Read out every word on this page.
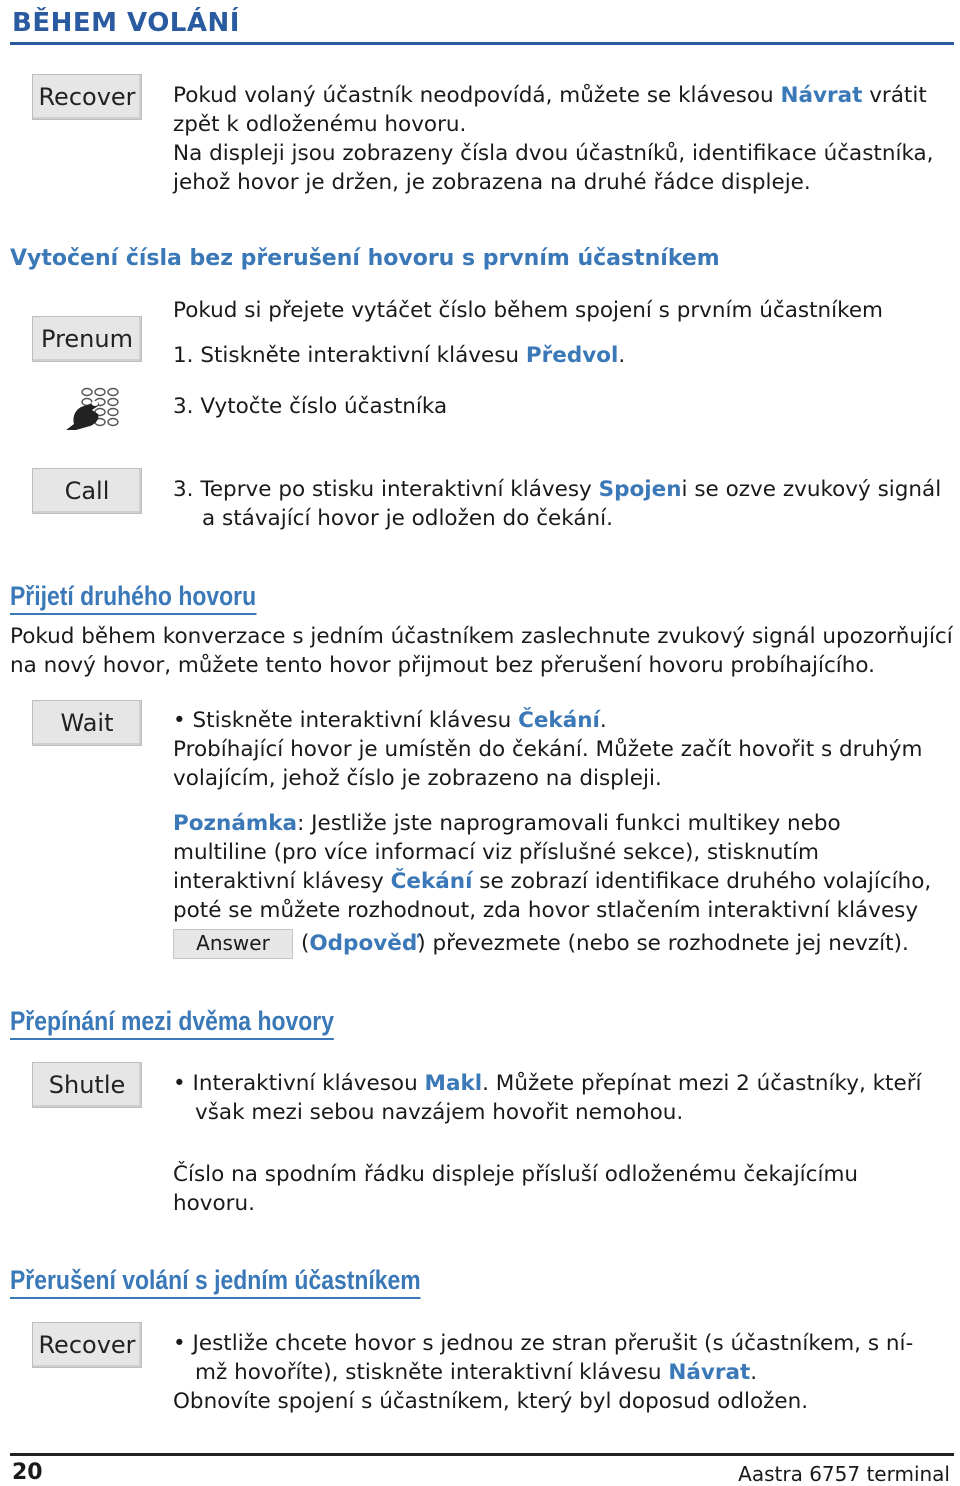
BĚHEM VOLÁNÍ
Recover	Pokud volaný účastník neodpovídá, můžete se klávesou Návrat vrátit
zpět k odloženému hovoru.
Na displeji jsou zobrazeny čísla dvou účastníků, identifikace účastníka,
jehož hovor je držen, je zobrazena na druhé řádce displeje.
Vytočení čísla bez přerušení hovoru s prvním účastníkem
Prenum
Pokud si přejete vytáčet číslo během spojení s prvním účastníkem
1. Stiskněte interaktivní klávesu Předvol.
3. Vytočte číslo účastníka
Call	3. Teprve po stisku interaktivní klávesy Spojeni se ozve zvukový signál
a stávající hovor je odložen do čekání.
Přijetí druhého hovoru
Pokud během konverzace s jedním účastníkem zaslechnute zvukový signál upozorňující
na nový hovor, můžete tento hovor přijmout bez přerušení hovoru probíhajícího.
Wait	• Stiskněte interaktivní klávesu Čekání.
Probíhající hovor je umístěn do čekání. Můžete začít hovořit s druhým
volajícím, jehož číslo je zobrazeno na displeji.
Poznámka: Jestliže jste naprogramovali funkci multikey nebo
multiline (pro více informací viz příslušné sekce), stisknutím
interaktivní klávesy Čekání se zobrazí identifikace druhého volajícího,
poté se můžete rozhodnout, zda hovor stlačením interaktivní klávesy
Answer (Odpověď) převezmete (nebo se rozhodnete jej nevzít).
Přepínání mezi dvěma hovory
Shutle	• Interaktivní klávesou Makl. Můžete přepínat mezi 2 účastníky, kteří
však mezi sebou navzájem hovořit nemohou.
Číslo na spodním řádku displeje přísluší odloženému čekajícímu
hovoru.
Přerušení volání s jedním účastníkem
Recover	• Jestliže chcete hovor s jednou ze stran přerušit (s účastníkem, s ní-
mž hovoříte), stiskněte interaktivní klávesu Návrat.
Obnovíte spojení s účastníkem, který byl doposud odložen.
20	Aastra 6757 terminal
